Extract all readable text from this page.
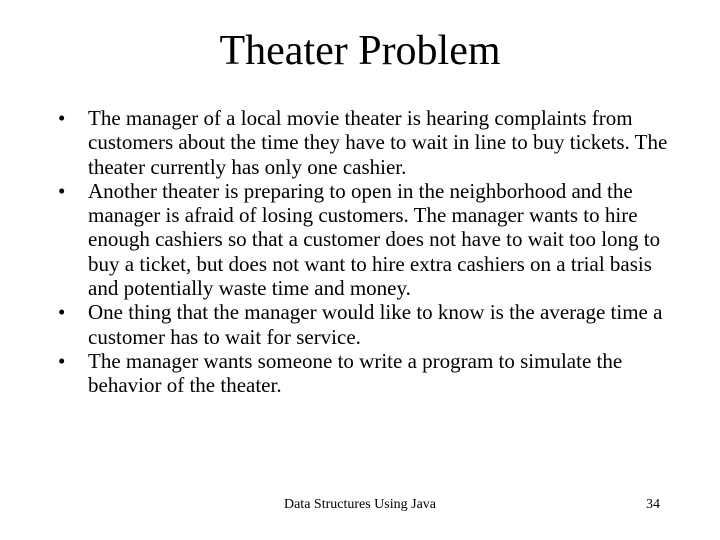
Theater Problem
•	The manager of a local movie theater is hearing complaints from customers about the time they have to wait in line to buy tickets. The theater currently has only one cashier.
•	Another theater is preparing to open in the neighborhood and the manager is afraid of losing customers. The manager wants to hire enough cashiers so that a customer does not have to wait too long to buy a ticket, but does not want to hire extra cashiers on a trial basis and potentially waste time and money.
•	One thing that the manager would like to know is the average time a customer has to wait for service.
•	The manager wants someone to write a program to simulate the behavior of the theater.
Data Structures Using Java	34
